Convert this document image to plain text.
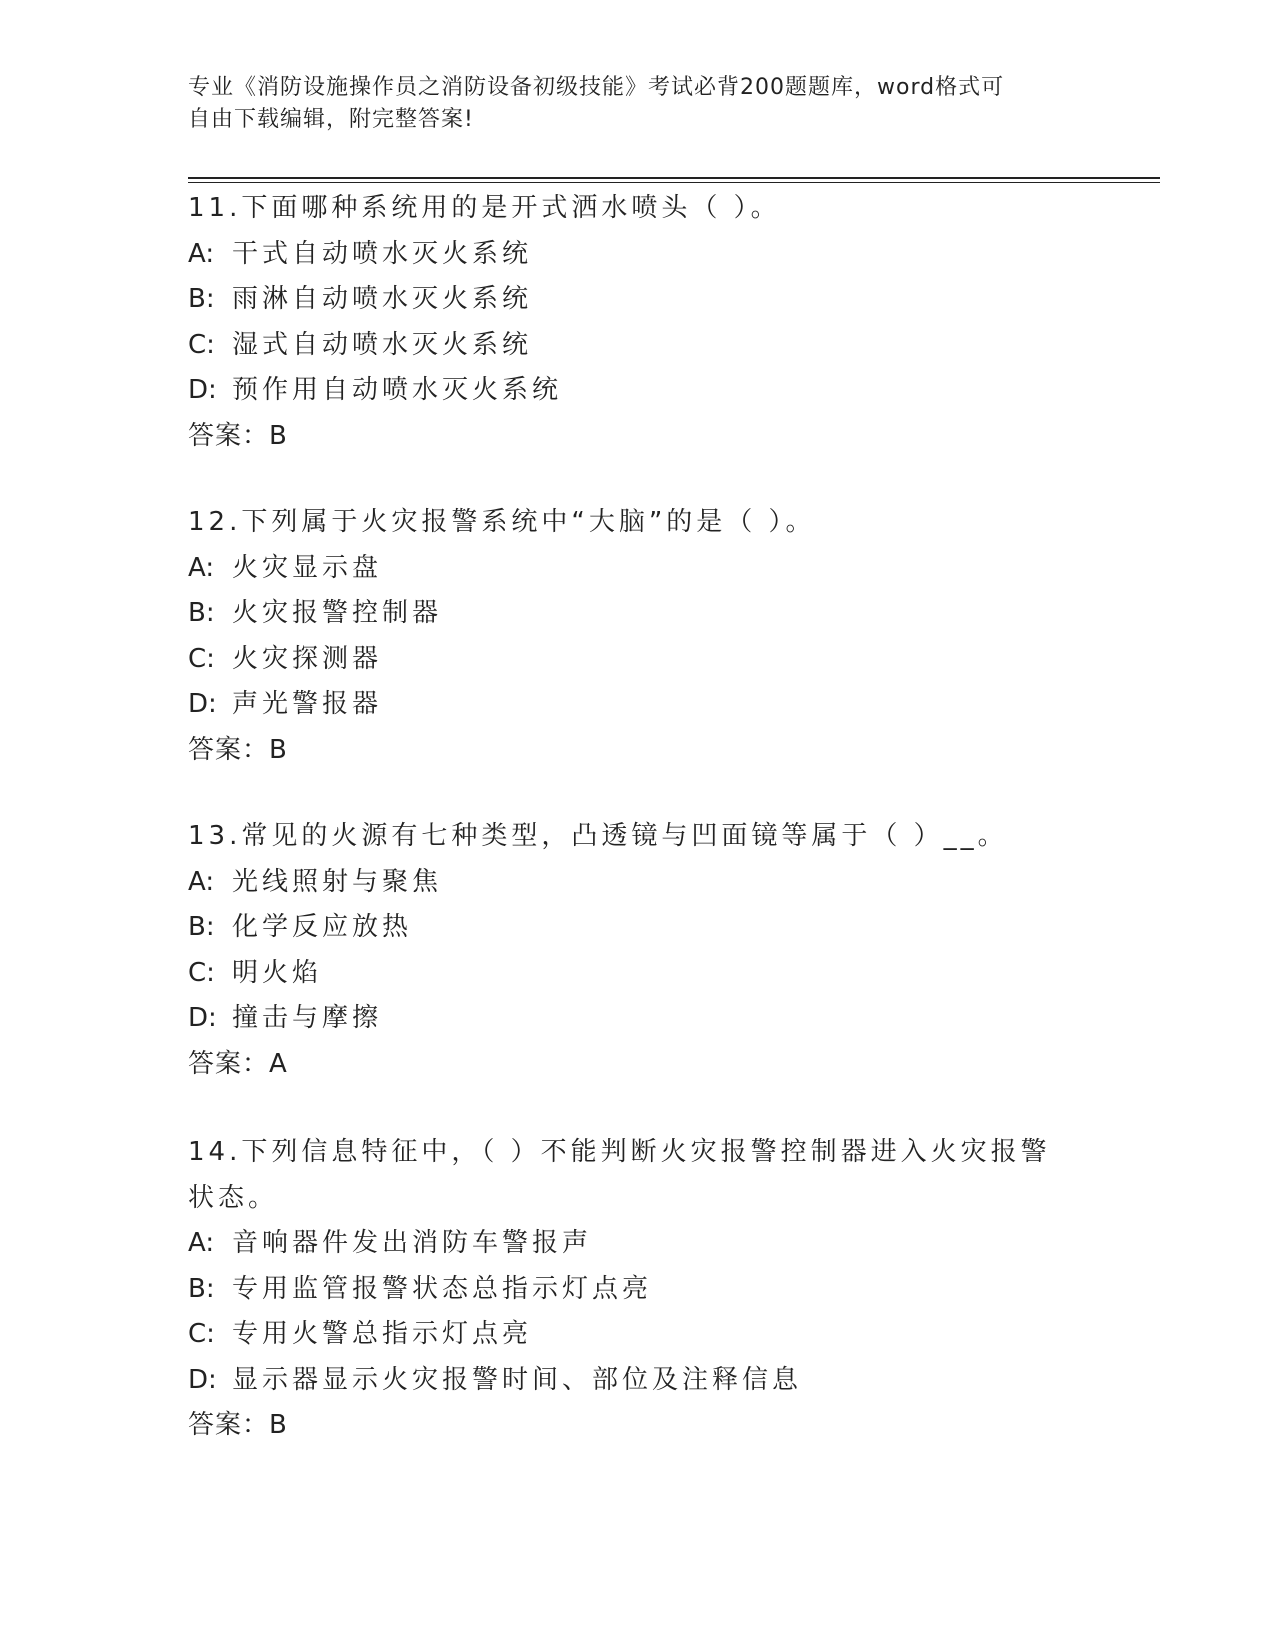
专业《消防设施操作员之消防设备初级技能》考试必背200题题库，word格式可
自由下载编辑，附完整答案!
11.下面哪种系统用的是开式洒水喷头（ ）。
A: 干式自动喷水灭火系统
B: 雨淋自动喷水灭火系统
C: 湿式自动喷水灭火系统
D: 预作用自动喷水灭火系统
答案：B
12.下列属于火灾报警系统中“大脑”的是（ ）。
A: 火灾显示盘
B: 火灾报警控制器
C: 火灾探测器
D: 声光警报器
答案：B
13.常见的火源有七种类型，凸透镜与凹面镜等属于（ ）__。
A: 光线照射与聚焦
B: 化学反应放热
C: 明火焰
D: 撞击与摩擦
答案：A
14.下列信息特征中，（ ）不能判断火灾报警控制器进入火灾报警状态。
A: 音响器件发出消防车警报声
B: 专用监管报警状态总指示灯点亮
C: 专用火警总指示灯点亮
D: 显示器显示火灾报警时间、部位及注释信息
答案：B
